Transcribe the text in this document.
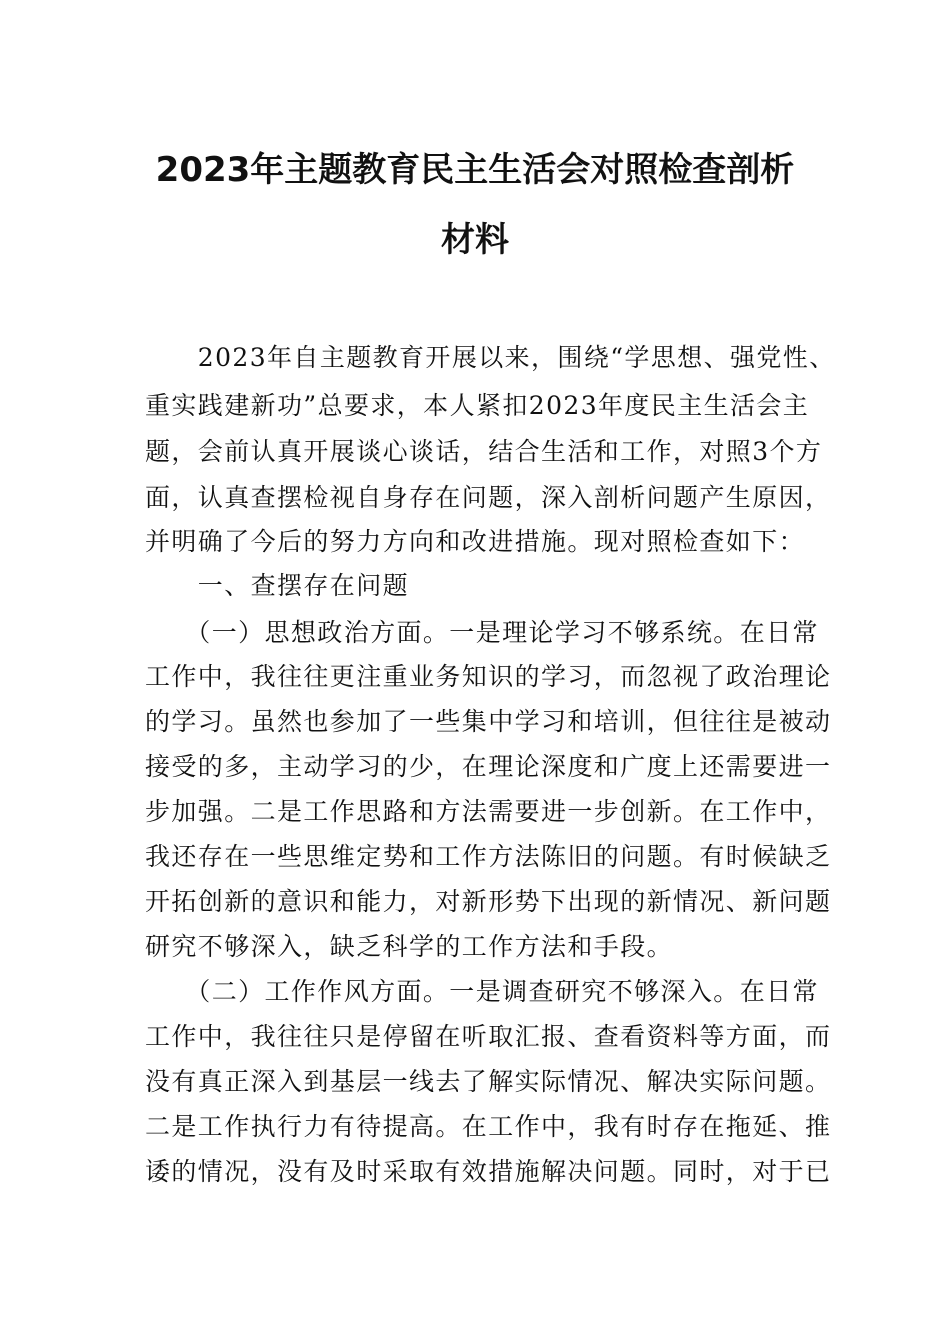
2023年主题教育民主生活会对照检查剖析
材料
　　2023年自主题教育开展以来，围绕“学思想、强党性、
重实践建新功”总要求，本人紧扣2023年度民主生活会主
题，会前认真开展谈心谈话，结合生活和工作，对照3个方
面，认真查摆检视自身存在问题，深入剖析问题产生原因，
并明确了今后的努力方向和改进措施。现对照检查如下：
　　一、查摆存在问题
　　（一）思想政治方面。一是理论学习不够系统。在日常
工作中，我往往更注重业务知识的学习，而忽视了政治理论
的学习。虽然也参加了一些集中学习和培训，但往往是被动
接受的多，主动学习的少，在理论深度和广度上还需要进一
步加强。二是工作思路和方法需要进一步创新。在工作中，
我还存在一些思维定势和工作方法陈旧的问题。有时候缺乏
开拓创新的意识和能力，对新形势下出现的新情况、新问题
研究不够深入，缺乏科学的工作方法和手段。
　　（二）工作作风方面。一是调查研究不够深入。在日常
工作中，我往往只是停留在听取汇报、查看资料等方面，而
没有真正深入到基层一线去了解实际情况、解决实际问题。
二是工作执行力有待提高。在工作中，我有时存在拖延、推
诿的情况，没有及时采取有效措施解决问题。同时，对于已
